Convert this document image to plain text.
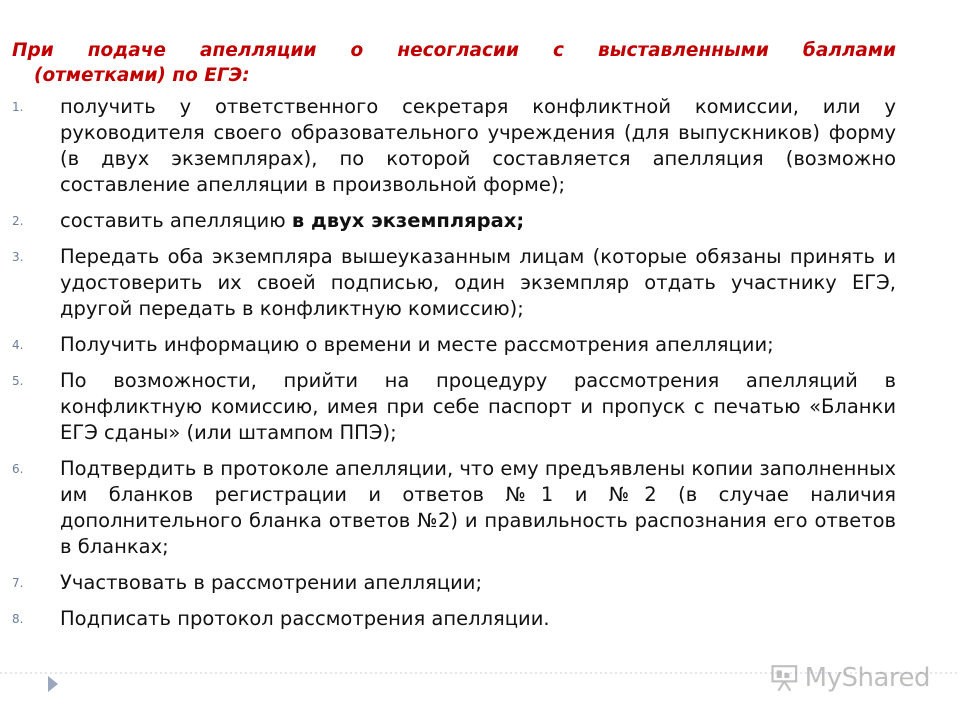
При подаче апелляции о несогласии с выставленными баллами
(отметками) по ЕГЭ:

1.	получить у ответственного секретаря конфликтной комиссии, или у руководителя своего образовательного учреждения (для выпускников) форму (в двух экземплярах), по которой составляется апелляция (возможно составление апелляции в произвольной форме);
2.	составить апелляцию в двух экземплярах;
3.	Передать оба экземпляра вышеуказанным лицам (которые обязаны принять и удостоверить их своей подписью, один экземпляр отдать участнику ЕГЭ, другой передать в конфликтную комиссию);
4.	Получить информацию о времени и месте рассмотрения апелляции;
5.	По возможности, прийти на процедуру рассмотрения апелляций в конфликтную комиссию, имея при себе паспорт и пропуск с печатью «Бланки ЕГЭ сданы» (или штампом ППЭ);
6.	Подтвердить в протоколе апелляции, что ему предъявлены копии заполненных им бланков регистрации и ответов №1 и №2 (в случае наличия дополнительного бланка ответов №2) и правильность распознания его ответов в бланках;
7.	Участвовать в рассмотрении апелляции;
8.	Подписать протокол рассмотрения апелляции.
MyShared
